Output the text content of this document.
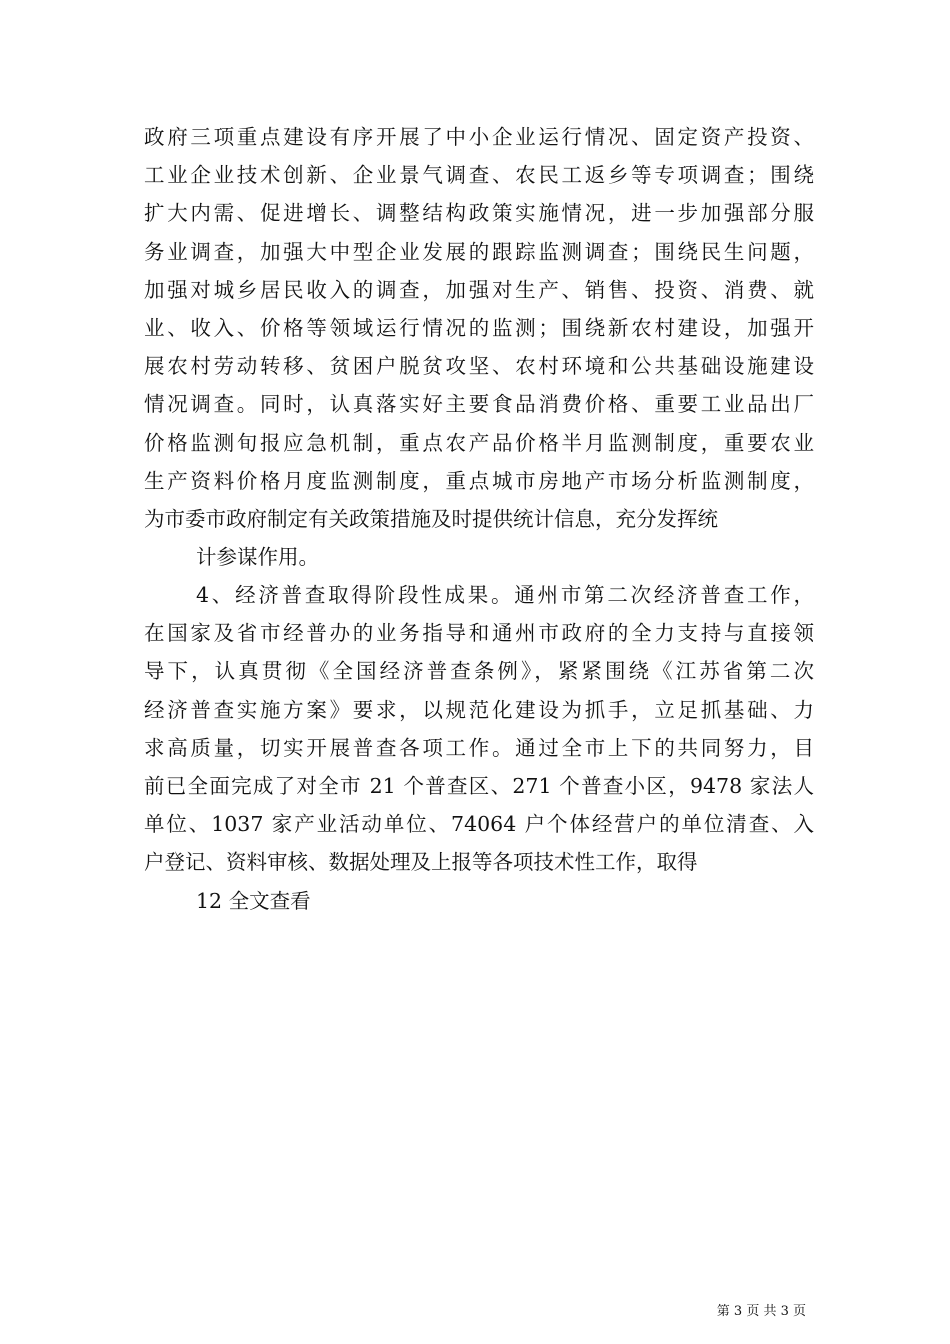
政府三项重点建设有序开展了中小企业运行情况、固定资产投资、
工业企业技术创新、企业景气调查、农民工返乡等专项调查；围绕
扩大内需、促进增长、调整结构政策实施情况，进一步加强部分服
务业调查，加强大中型企业发展的跟踪监测调查；围绕民生问题，
加强对城乡居民收入的调查，加强对生产、销售、投资、消费、就
业、收入、价格等领域运行情况的监测；围绕新农村建设，加强开
展农村劳动转移、贫困户脱贫攻坚、农村环境和公共基础设施建设
情况调查。同时，认真落实好主要食品消费价格、重要工业品出厂
价格监测旬报应急机制，重点农产品价格半月监测制度，重要农业
生产资料价格月度监测制度，重点城市房地产市场分析监测制度，
为市委市政府制定有关政策措施及时提供统计信息，充分发挥统
计参谋作用。
4、经济普查取得阶段性成果。通州市第二次经济普查工作，
在国家及省市经普办的业务指导和通州市政府的全力支持与直接领
导下，认真贯彻《全国经济普查条例》，紧紧围绕《江苏省第二次
经济普查实施方案》要求，以规范化建设为抓手，立足抓基础、力
求高质量，切实开展普查各项工作。通过全市上下的共同努力，目
前已全面完成了对全市 21 个普查区、271 个普查小区，9478 家法人
单位、1037 家产业活动单位、74064 户个体经营户的单位清查、入
户登记、资料审核、数据处理及上报等各项技术性工作，取得
12 全文查看
第 3 页 共 3 页
